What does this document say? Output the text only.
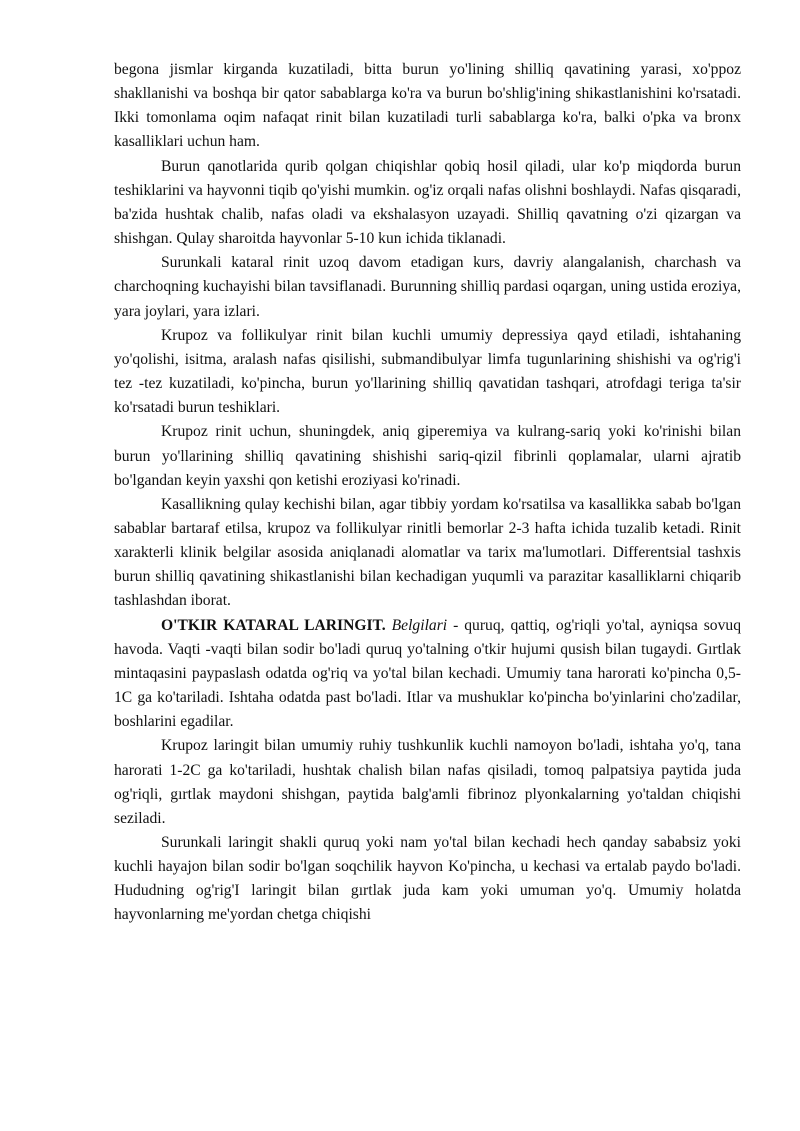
begona jismlar kirganda kuzatiladi, bitta burun yo'lining shilliq qavatining yarasi, xo'ppoz shakllanishi va boshqa bir qator sabablarga ko'ra va burun bo'shlig'ining shikastlanishini ko'rsatadi. Ikki tomonlama oqim nafaqat rinit bilan kuzatiladi turli sabablarga ko'ra, balki o'pka va bronx kasalliklari uchun ham.

Burun qanotlarida qurib qolgan chiqishlar qobiq hosil qiladi, ular ko'p miqdorda burun teshiklarini va hayvonni tiqib qo'yishi mumkin. og'iz orqali nafas olishni boshlaydi. Nafas qisqaradi, ba'zida hushtak chalib, nafas oladi va ekshalasyon uzayadi. Shilliq qavatning o'zi qizargan va shishgan. Qulay sharoitda hayvonlar 5-10 kun ichida tiklanadi.

Surunkali kataral rinit uzoq davom etadigan kurs, davriy alangalanish, charchash va charchoqning kuchayishi bilan tavsiflanadi. Burunning shilliq pardasi oqargan, uning ustida eroziya, yara joylari, yara izlari.

Krupoz va follikulyar rinit bilan kuchli umumiy depressiya qayd etiladi, ishtahaning yo'qolishi, isitma, aralash nafas qisilishi, submandibulyar limfa tugunlarining shishishi va og'rig'i tez -tez kuzatiladi, ko'pincha, burun yo'llarining shilliq qavatidan tashqari, atrofdagi teriga ta'sir ko'rsatadi burun teshiklari.

Krupoz rinit uchun, shuningdek, aniq giperemiya va kulrang-sariq yoki ko'rinishi bilan burun yo'llarining shilliq qavatining shishishi sariq-qizil fibrinli qoplamalar, ularni ajratib bo'lgandan keyin yaxshi qon ketishi eroziyasi ko'rinadi.

Kasallikning qulay kechishi bilan, agar tibbiy yordam ko'rsatilsa va kasallikka sabab bo'lgan sabablar bartaraf etilsa, krupoz va follikulyar rinitli bemorlar 2-3 hafta ichida tuzalib ketadi. Rinit xarakterli klinik belgilar asosida aniqlanadi alomatlar va tarix ma'lumotlari. Differentsial tashxis burun shilliq qavatining shikastlanishi bilan kechadigan yuqumli va parazitar kasalliklarni chiqarib tashlashdan iborat.

O'TKIR KATARAL LARINGIT. Belgilari - quruq, qattiq, og'riqli yo'tal, ayniqsa sovuq havoda. Vaqti -vaqti bilan sodir bo'ladi quruq yo'talning o'tkir hujumi qusish bilan tugaydi. Gırtlak mintaqasini paypaslash odatda og'riq va yo'tal bilan kechadi. Umumiy tana harorati ko'pincha 0,5-1C ga ko'tariladi. Ishtaha odatda past bo'ladi. Itlar va mushuklar ko'pincha bo'yinlarini cho'zadilar, boshlarini egadilar.

Krupoz laringit bilan umumiy ruhiy tushkunlik kuchli namoyon bo'ladi, ishtaha yo'q, tana harorati 1-2C ga ko'tariladi, hushtak chalish bilan nafas qisiladi, tomoq palpatsiya paytida juda og'riqli, gırtlak maydoni shishgan, paytida balg'amli fibrinoz plyonkalarning yo'taldan chiqishi seziladi.

Surunkali laringit shakli quruq yoki nam yo'tal bilan kechadi hech qanday sababsiz yoki kuchli hayajon bilan sodir bo'lgan soqchilik hayvon Ko'pincha, u kechasi va ertalab paydo bo'ladi. Hududning og'rig'I laringit bilan gırtlak juda kam yoki umuman yo'q. Umumiy holatda hayvonlarning me'yordan chetga chiqishi
